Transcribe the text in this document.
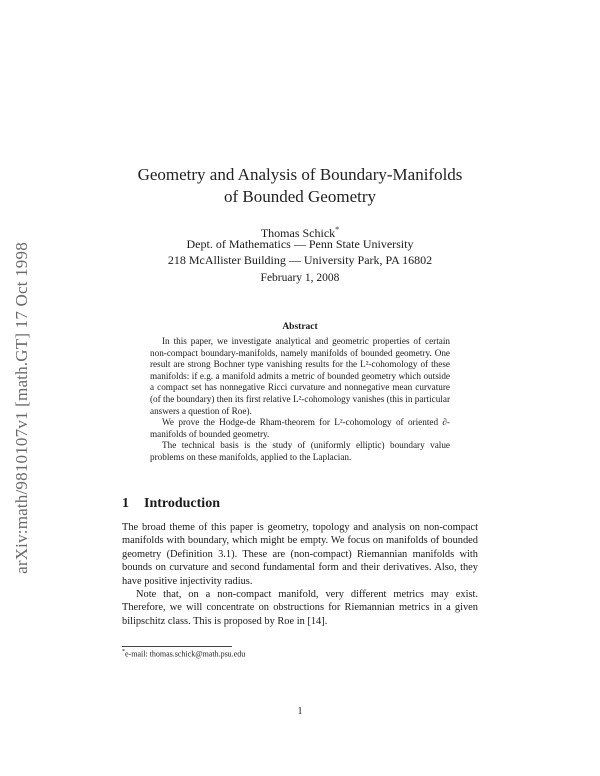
arXiv:math/9810107v1 [math.GT] 17 Oct 1998
Geometry and Analysis of Boundary-Manifolds
of Bounded Geometry
Thomas Schick*
Dept. of Mathematics — Penn State University
218 McAllister Building — University Park, PA 16802
February 1, 2008
Abstract

In this paper, we investigate analytical and geometric properties of certain non-compact boundary-manifolds, namely manifolds of bounded geometry. One result are strong Bochner type vanishing results for the L²-cohomology of these manifolds: if e.g. a manifold admits a metric of bounded geometry which outside a compact set has nonnegative Ricci curvature and nonnegative mean curvature (of the boundary) then its first relative L²-cohomology vanishes (this in particular answers a question of Roe).

We prove the Hodge-de Rham-theorem for L²-cohomology of oriented ∂-manifolds of bounded geometry.

The technical basis is the study of (uniformly elliptic) boundary value problems on these manifolds, applied to the Laplacian.

1 Introduction

The broad theme of this paper is geometry, topology and analysis on non-compact manifolds with boundary, which might be empty. We focus on manifolds of bounded geometry (Definition 3.1). These are (non-compact) Riemannian manifolds with bounds on curvature and second fundamental form and their derivatives. Also, they have positive injectivity radius.

Note that, on a non-compact manifold, very different metrics may exist. Therefore, we will concentrate on obstructions for Riemannian metrics in a given bilipschitz class. This is proposed by Roe in [14].

*e-mail: thomas.schick@math.psu.edu
1
